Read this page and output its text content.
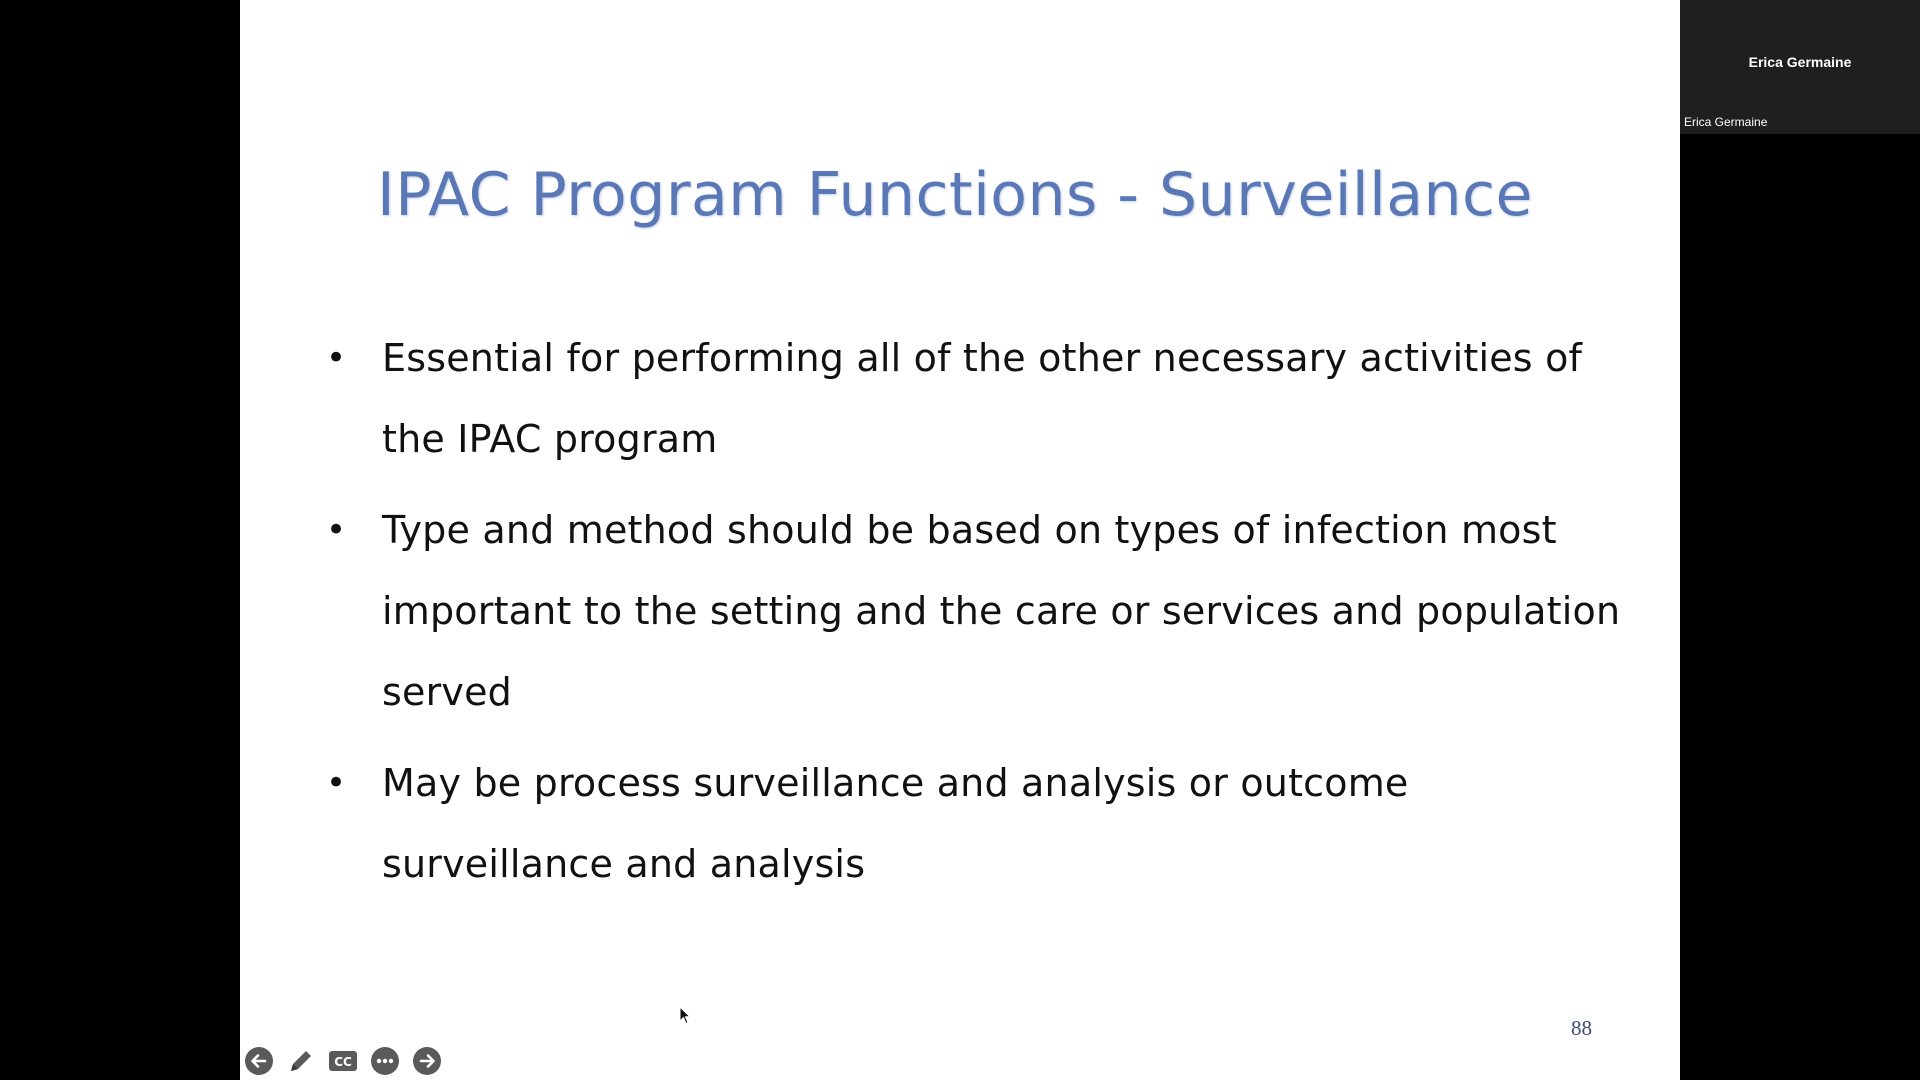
IPAC Program Functions - Surveillance
• Essential for performing all of the other necessary activities of the IPAC program
• Type and method should be based on types of infection most important to the setting and the care or services and population served
• May be process surveillance and analysis or outcome surveillance and analysis
88
CC
Erica Germaine
Erica Germaine
